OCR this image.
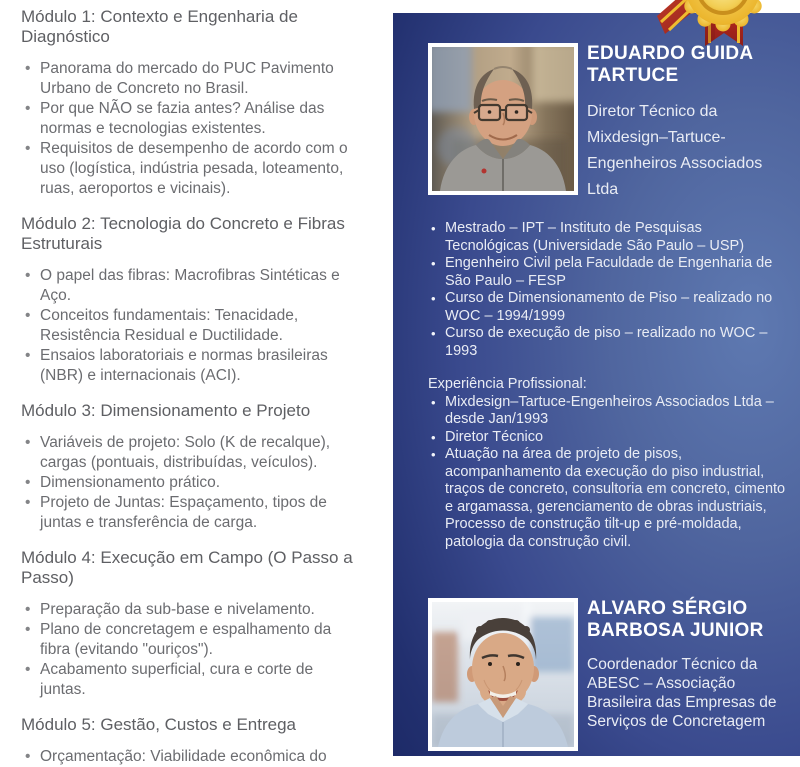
Módulo 1: Contexto e Engenharia de Diagnóstico

• Panorama do mercado do PUC Pavimento Urbano de Concreto no Brasil.
• Por que NÃO se fazia antes? Análise das normas e tecnologias existentes.
• Requisitos de desempenho de acordo com o uso (logística, indústria pesada, loteamento, ruas, aeroportos e vicinais).

Módulo 2: Tecnologia do Concreto e Fibras Estruturais

• O papel das fibras: Macrofibras Sintéticas e Aço.
• Conceitos fundamentais: Tenacidade, Resistência Residual e Ductilidade.
• Ensaios laboratoriais e normas brasileiras (NBR) e internacionais (ACI).

Módulo 3: Dimensionamento e Projeto

• Variáveis de projeto: Solo (K de recalque), cargas (pontuais, distribuídas, veículos).
• Dimensionamento prático.
• Projeto de Juntas: Espaçamento, tipos de juntas e transferência de carga.

Módulo 4: Execução em Campo (O Passo a Passo)

• Preparação da sub-base e nivelamento.
• Plano de concretagem e espalhamento da fibra (evitando "ouriços").
• Acabamento superficial, cura e corte de juntas.

Módulo 5: Gestão, Custos e Entrega

• Orçamentação: Viabilidade econômica do
EDUARDO GUIDA TARTUCE
Diretor Técnico da Mixdesign–Tartuce-Engenheiros Associados Ltda
• Mestrado – IPT – Instituto de Pesquisas Tecnológicas (Universidade São Paulo – USP)
• Engenheiro Civil pela Faculdade de Engenharia de São Paulo – FESP
• Curso de Dimensionamento de Piso – realizado no WOC – 1994/1999
• Curso de execução de piso – realizado no WOC – 1993
Experiência Profissional:
• Mixdesign–Tartuce-Engenheiros Associados Ltda – desde Jan/1993
• Diretor Técnico
• Atuação na área de projeto de pisos, acompanhamento da execução do piso industrial, traços de concreto, consultoria em concreto, cimento e argamassa, gerenciamento de obras industriais, Processo de construção tilt-up e pré-moldada, patologia da construção civil.
ALVARO SÉRGIO BARBOSA JUNIOR
Coordenador Técnico da ABESC – Associação Brasileira das Empresas de Serviços de Concretagem
